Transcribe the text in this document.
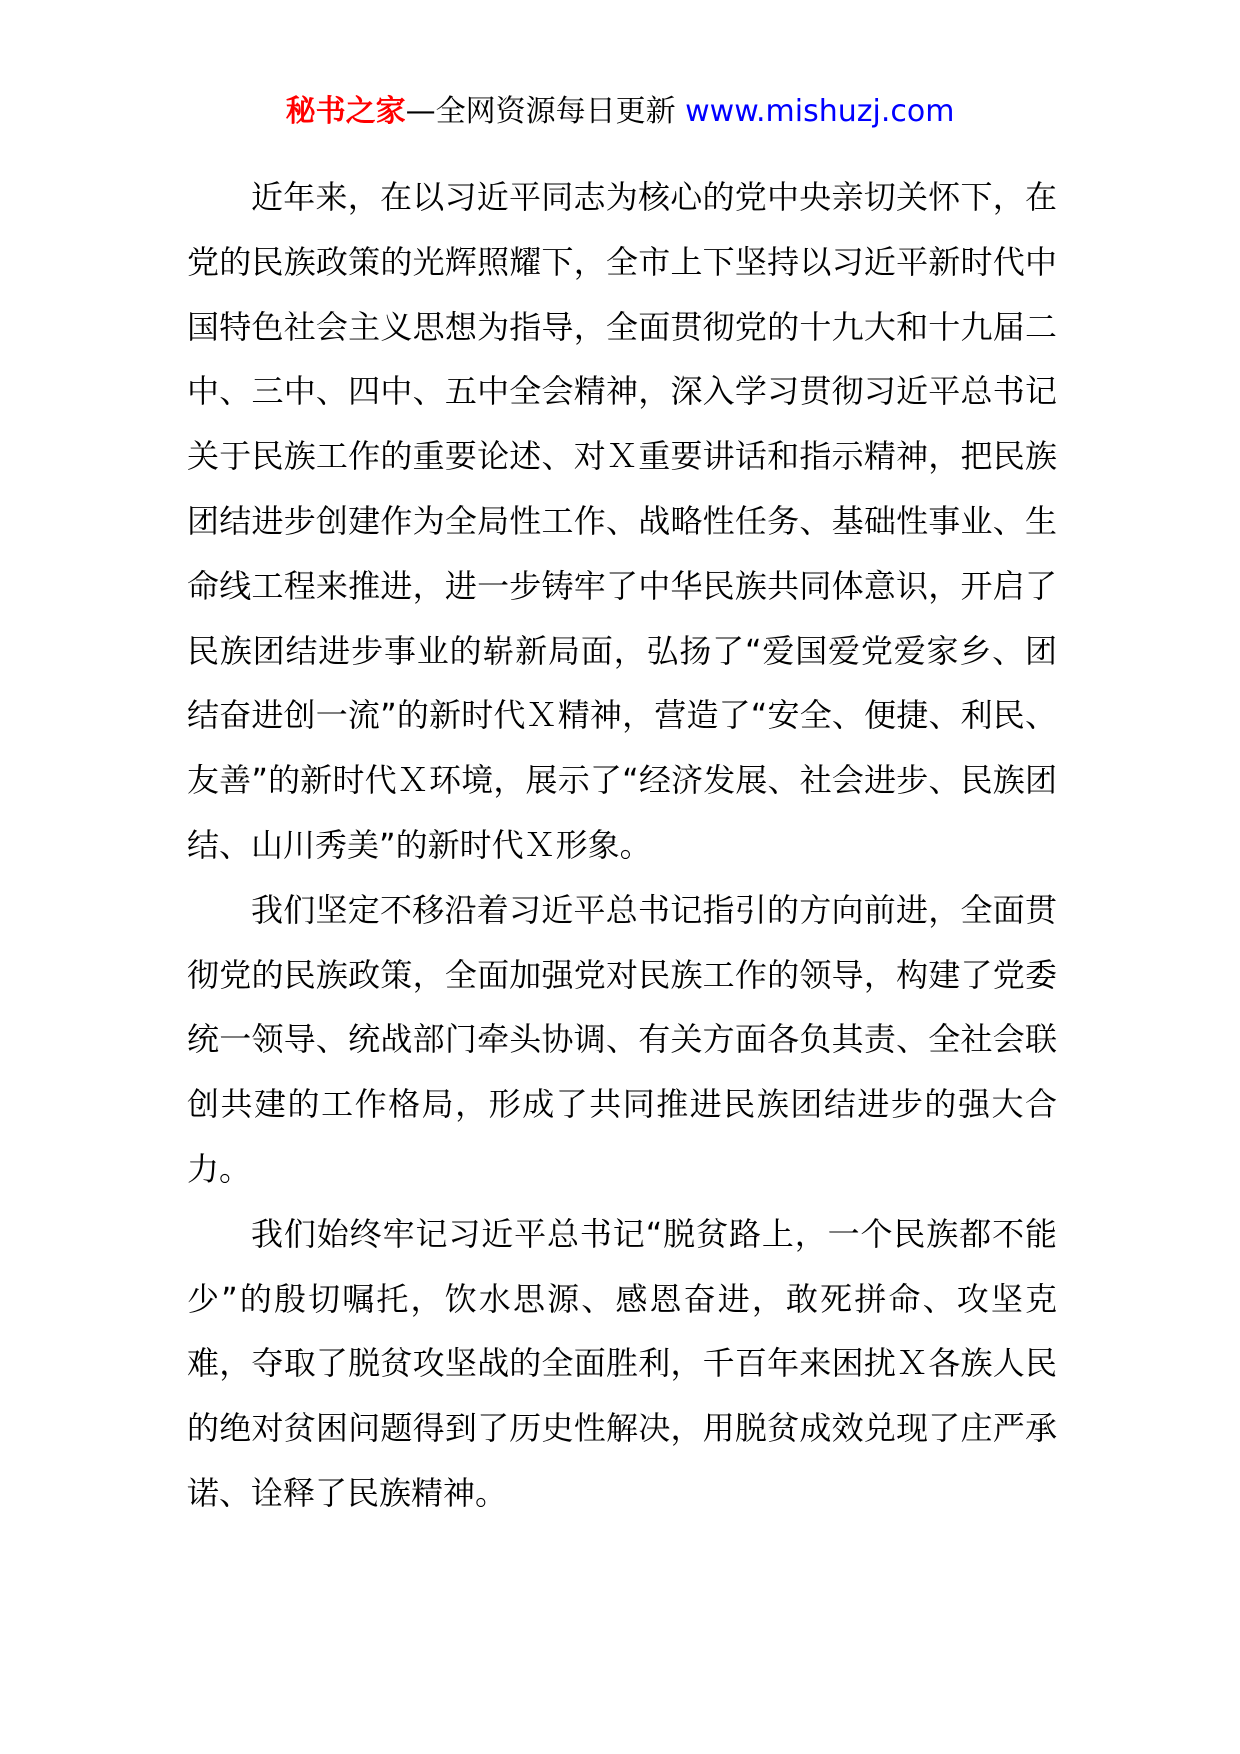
秘书之家—全网资源每日更新 www.mishuzj.com

近年来，在以习近平同志为核心的党中央亲切关怀下，在党的民族政策的光辉照耀下，全市上下坚持以习近平新时代中国特色社会主义思想为指导，全面贯彻党的十九大和十九届二中、三中、四中、五中全会精神，深入学习贯彻习近平总书记关于民族工作的重要论述、对Ｘ重要讲话和指示精神，把民族团结进步创建作为全局性工作、战略性任务、基础性事业、生命线工程来推进，进一步铸牢了中华民族共同体意识，开启了民族团结进步事业的崭新局面，弘扬了“爱国爱党爱家乡、团结奋进创一流”的新时代Ｘ精神，营造了“安全、便捷、利民、友善”的新时代Ｘ环境，展示了“经济发展、社会进步、民族团结、山川秀美”的新时代Ｘ形象。

我们坚定不移沿着习近平总书记指引的方向前进，全面贯彻党的民族政策，全面加强党对民族工作的领导，构建了党委统一领导、统战部门牵头协调、有关方面各负其责、全社会联创共建的工作格局，形成了共同推进民族团结进步的强大合力。

我们始终牢记习近平总书记“脱贫路上，一个民族都不能少”的殷切嘱托，饮水思源、感恩奋进，敢死拼命、攻坚克难，夺取了脱贫攻坚战的全面胜利，千百年来困扰Ｘ各族人民的绝对贫困问题得到了历史性解决，用脱贫成效兑现了庄严承诺、诠释了民族精神。
